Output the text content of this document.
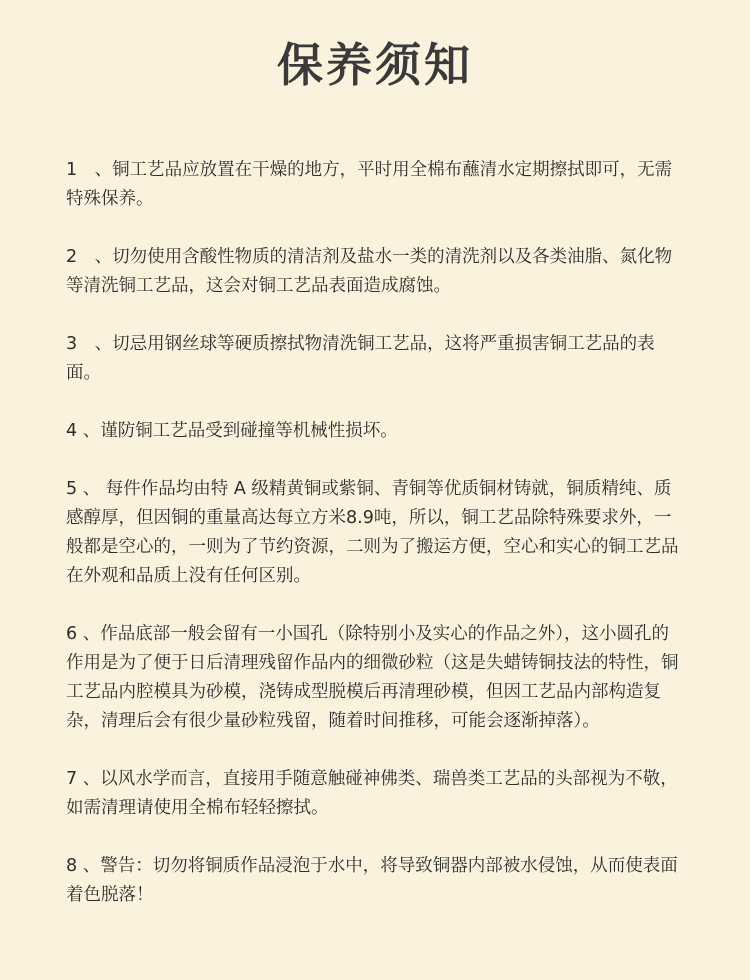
保养须知

1　、铜工艺品应放置在干燥的地方，平时用全棉布蘸清水定期擦拭即可，无需特殊保养。

2　、切勿使用含酸性物质的清洁剂及盐水一类的清洗剂以及各类油脂、氮化物等清洗铜工艺品，这会对铜工艺品表面造成腐蚀。

3　、切忌用钢丝球等硬质擦拭物清洗铜工艺品，这将严重损害铜工艺品的表面。

4 、谨防铜工艺品受到碰撞等机械性损坏。

5 、 每件作品均由特 A 级精黄铜或紫铜、青铜等优质铜材铸就，铜质精纯、质感醇厚，但因铜的重量高达每立方米8.9吨，所以，铜工艺品除特殊要求外，一般都是空心的，一则为了节约资源，二则为了搬运方便，空心和实心的铜工艺品在外观和品质上没有任何区别。

6 、作品底部一般会留有一小国孔（除特别小及实心的作品之外），这小圆孔的作用是为了便于日后清理残留作品内的细微砂粒（这是失蜡铸铜技法的特性，铜工艺品内腔模具为砂模，浇铸成型脱模后再清理砂模，但因工艺品内部构造复杂，清理后会有很少量砂粒残留，随着时间推移，可能会逐渐掉落）。

7 、以风水学而言，直接用手随意触碰神佛类、瑞兽类工艺品的头部视为不敬，如需清理请使用全棉布轻轻擦拭。

8 、警告：切勿将铜质作品浸泡于水中，将导致铜器内部被水侵蚀，从而使表面着色脱落！
